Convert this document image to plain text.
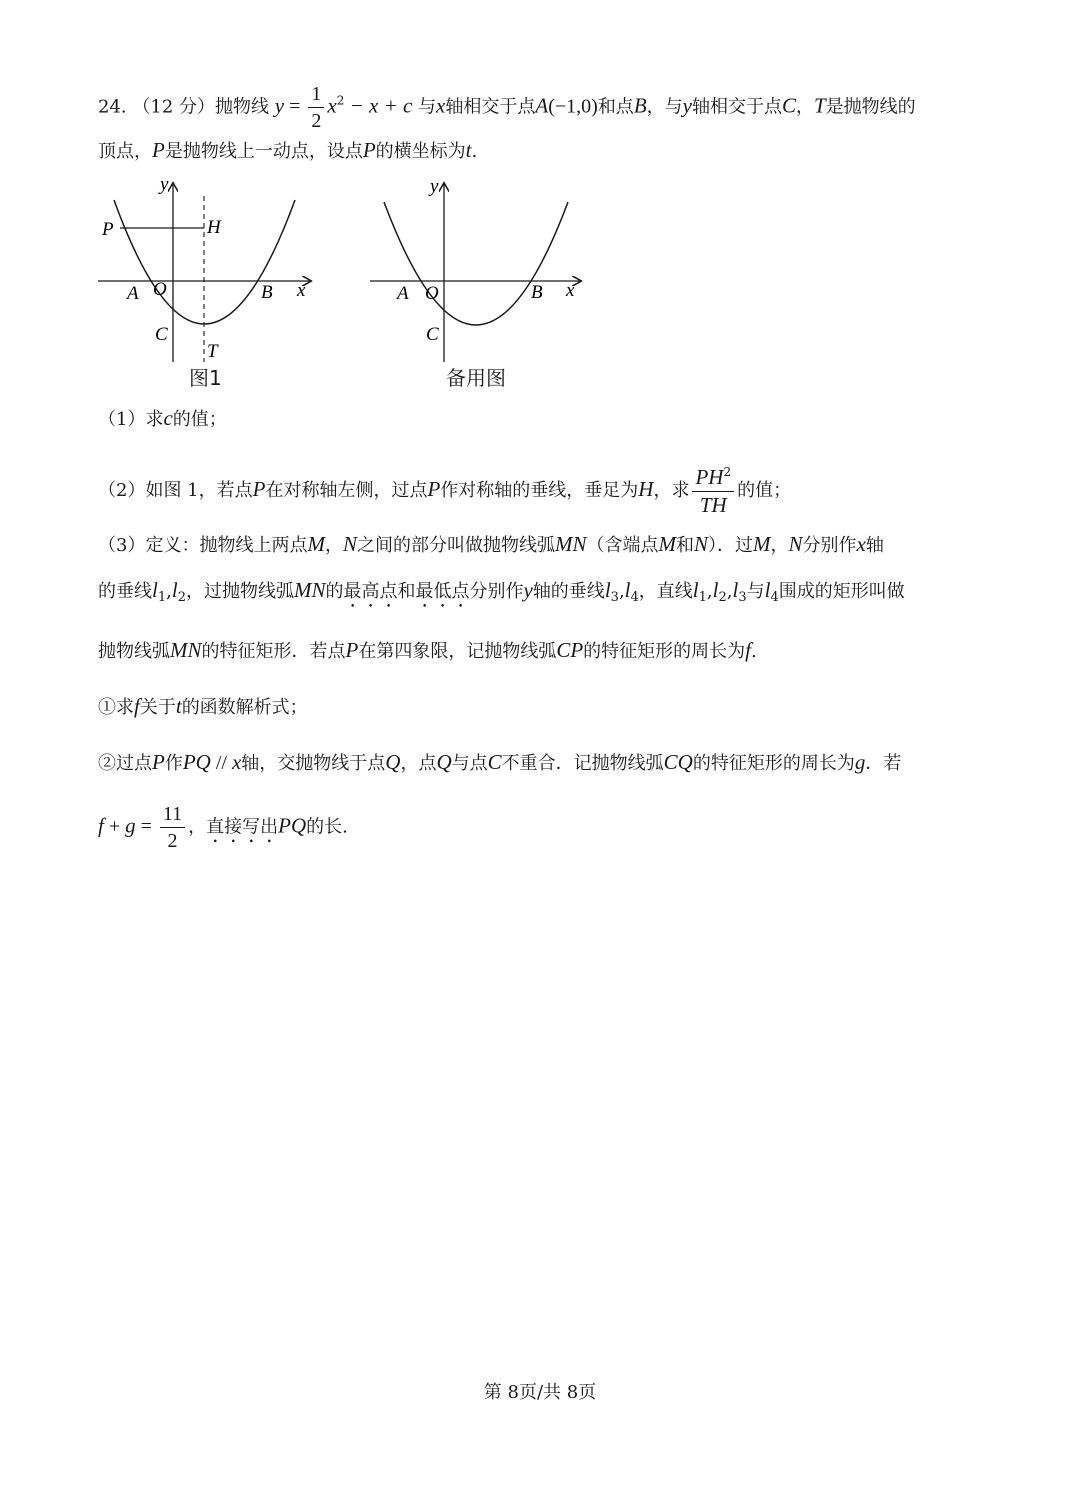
24. （12 分）抛物线 $y = \frac{1}{2} x^2 - x + c$ 与x轴相交于点A(−1,0)和点B，与y轴相交于点C，T是抛物线的
顶点，P是抛物线上一动点，设点P的横坐标为t.
y
x
P	H
A O	B
C
T
图1
y
x
A O	B
C
备用图
（1）求c的值；
（2）如图 1，若点P在对称轴左侧，过点P作对称轴的垂线，垂足为H，求 $\frac{PH^2}{TH}$ 的值；
（3）定义：抛物线上两点M，N之间的部分叫做抛物线弧MN（含端点M和N）．过M，N分别作x轴
的垂线$l_1,l_2$，过抛物线弧MN的最高点和最低点分别作y轴的垂线$l_3,l_4$，直线$l_1,l_2,l_3$与$l_4$围成的矩形叫做
抛物线弧MN的特征矩形．若点P在第四象限，记抛物线弧CP的特征矩形的周长为f.
①求f关于t的函数解析式；
②过点P作PQ // x轴，交抛物线于点Q，点Q与点C不重合．记抛物线弧CQ的特征矩形的周长为g．若
$f + g = \frac{11}{2}$ ，直接写出PQ的长.
第 8页/共 8页
